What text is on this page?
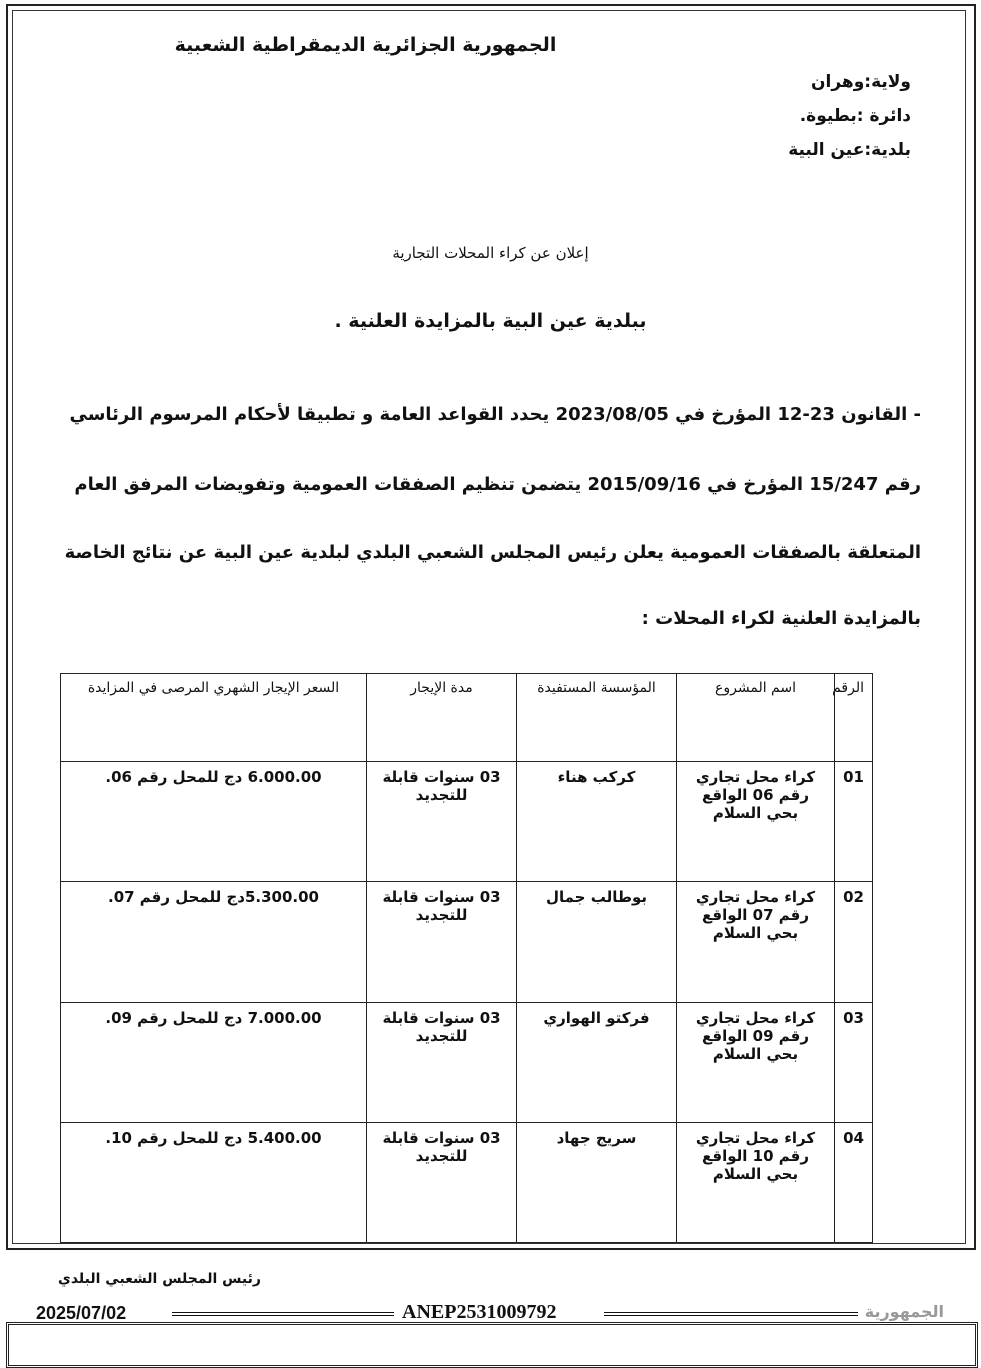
الجمهورية الجزائرية الديمقراطية الشعبية
ولاية:وهران
دائرة :بطيوة.
بلدية:عين البية
إعلان عن كراء المحلات التجارية
ببلدية عين البية بالمزايدة العلنية .
- القانون 23-12 المؤرخ في 2023/08/05 يحدد القواعد العامة و تطبيقا لأحكام المرسوم الرئاسي
رقم 15/247 المؤرخ في 2015/09/16 يتضمن تنظيم الصفقات العمومية وتفويضات المرفق العام
المتعلقة بالصفقات العمومية يعلن رئيس المجلس الشعبي البلدي لبلدية عين البية عن نتائج الخاصة
بالمزايدة العلنية لكراء المحلات :
الرقم	اسم المشروع	المؤسسة المستفيدة	مدة الإيجار	السعر الإيجار الشهري المرصى في المزايدة
01	كراء محل تجاري رقم 06 الواقع بحي السلام	كركب هناء	03 سنوات قابلة للتجديد	6.000.00 دج للمحل رقم 06.
02	كراء محل تجاري رقم 07 الواقع بحي السلام	بوطالب جمال	03 سنوات قابلة للتجديد	5.300.00دج للمحل رقم 07.
03	كراء محل تجاري رقم 09 الواقع بحي السلام	فركتو الهواري	03 سنوات قابلة للتجديد	7.000.00 دج للمحل رقم 09.
04	كراء محل تجاري رقم 10 الواقع بحي السلام	سريج جهاد	03 سنوات قابلة للتجديد	5.400.00 دج للمحل رقم 10.
رئيس المجلس الشعبي البلدي
2025/07/02	ANEP2531009792	الجمهورية
